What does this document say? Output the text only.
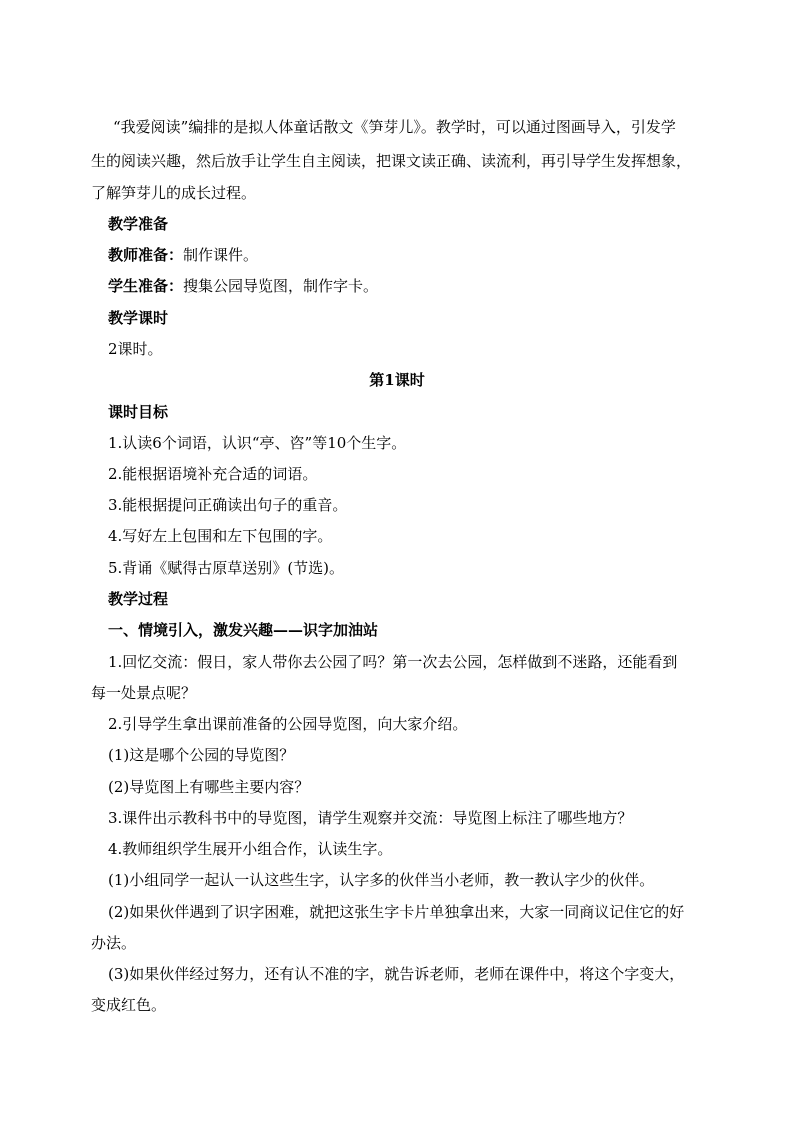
“我爱阅读”编排的是拟人体童话散文《笋芽儿》。教学时，可以通过图画导入，引发学
生的阅读兴趣，然后放手让学生自主阅读，把课文读正确、读流利，再引导学生发挥想象，
了解笋芽儿的成长过程。
教学准备
教师准备：制作课件。
学生准备：搜集公园导览图，制作字卡。
教学课时
2课时。
第1课时
课时目标
1.认读6个词语，认识“亭、咨”等10个生字。
2.能根据语境补充合适的词语。
3.能根据提问正确读出句子的重音。
4.写好左上包围和左下包围的字。
5.背诵《赋得古原草送别》(节选)。
教学过程
一、情境引入，激发兴趣——识字加油站
1.回忆交流：假日，家人带你去公园了吗？第一次去公园，怎样做到不迷路，还能看到
每一处景点呢？
2.引导学生拿出课前准备的公园导览图，向大家介绍。
(1)这是哪个公园的导览图？
(2)导览图上有哪些主要内容？
3.课件出示教科书中的导览图，请学生观察并交流：导览图上标注了哪些地方？
4.教师组织学生展开小组合作，认读生字。
(1)小组同学一起认一认这些生字，认字多的伙伴当小老师，教一教认字少的伙伴。
(2)如果伙伴遇到了识字困难，就把这张生字卡片单独拿出来，大家一同商议记住它的好
办法。
(3)如果伙伴经过努力，还有认不准的字，就告诉老师，老师在课件中，将这个字变大，
变成红色。
